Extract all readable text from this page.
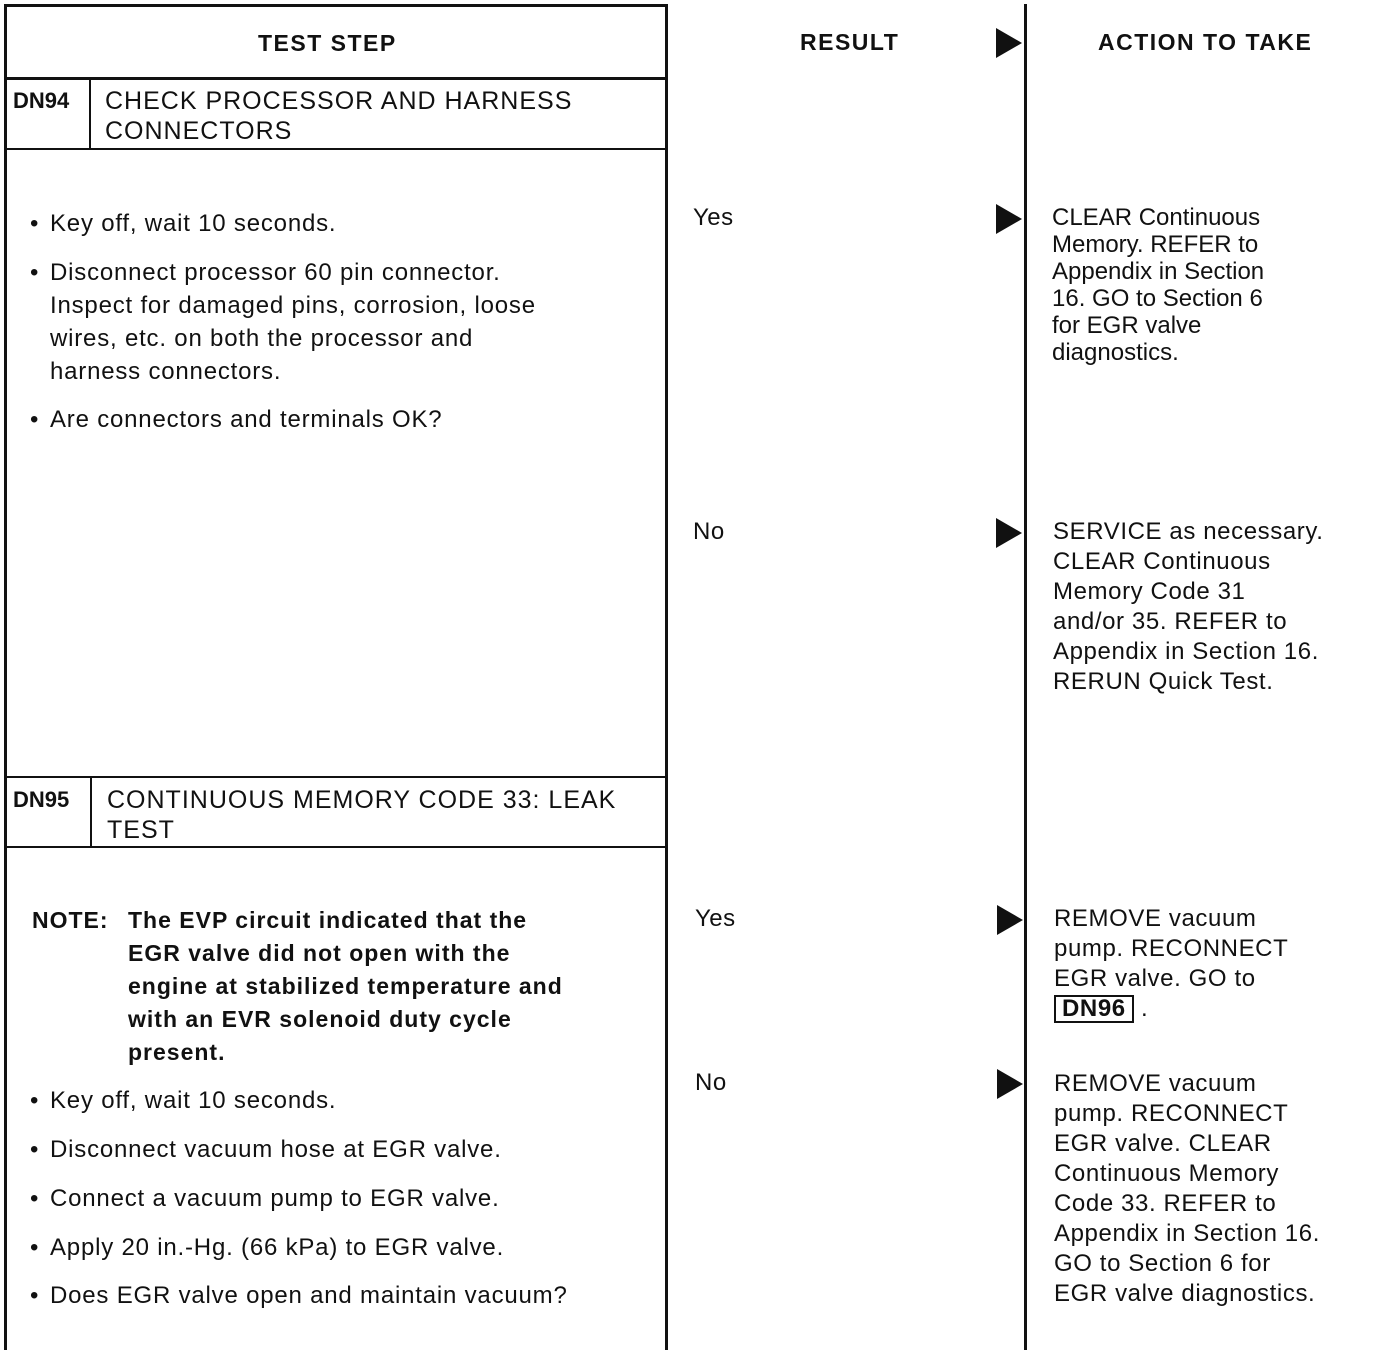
TEST STEP	RESULT	ACTION TO TAKE
DN94 CHECK PROCESSOR AND HARNESS
CONNECTORS
• Key off, wait 10 seconds.
• Disconnect processor 60 pin connector.
Inspect for damaged pins, corrosion, loose
wires, etc. on both the processor and
harness connectors.
• Are connectors and terminals OK?
Yes	CLEAR Continuous
Memory. REFER to
Appendix in Section
16. GO to Section 6
for EGR valve
diagnostics.
No	SERVICE as necessary.
CLEAR Continuous
Memory Code 31
and/or 35. REFER to
Appendix in Section 16.
RERUN Quick Test.
DN95 CONTINUOUS MEMORY CODE 33: LEAK
TEST
NOTE: The EVP circuit indicated that the
EGR valve did not open with the
engine at stabilized temperature and
with an EVR solenoid duty cycle
present.
• Key off, wait 10 seconds.
• Disconnect vacuum hose at EGR valve.
• Connect a vacuum pump to EGR valve.
• Apply 20 in.-Hg. (66 kPa) to EGR valve.
• Does EGR valve open and maintain vacuum?
Yes	REMOVE vacuum
pump. RECONNECT
EGR valve. GO to
DN96 .
No	REMOVE vacuum
pump. RECONNECT
EGR valve. CLEAR
Continuous Memory
Code 33. REFER to
Appendix in Section 16.
GO to Section 6 for
EGR valve diagnostics.
